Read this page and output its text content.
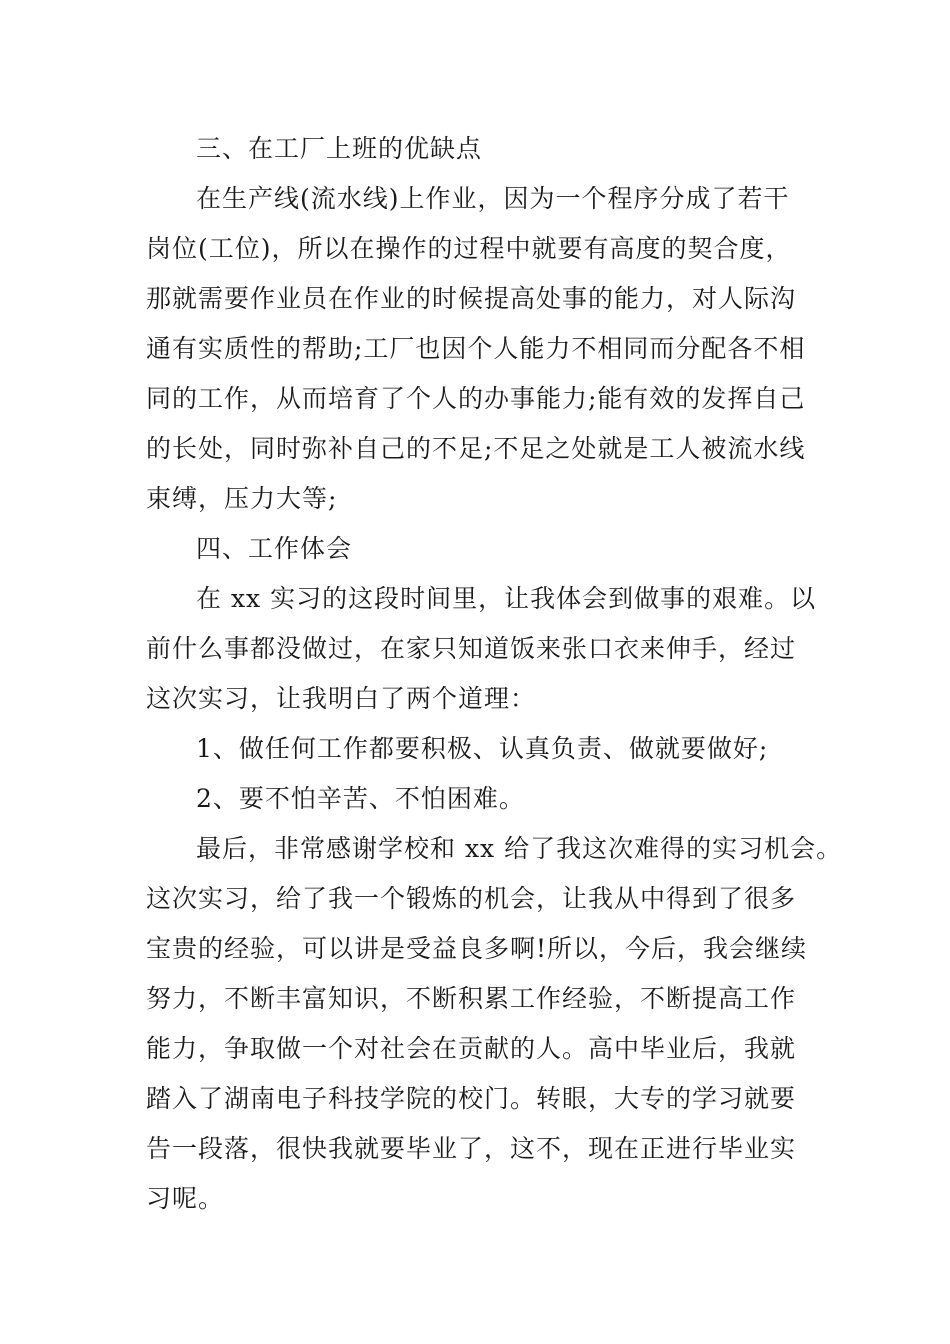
三、在工厂上班的优缺点
在生产线(流水线)上作业，因为一个程序分成了若干
岗位(工位)，所以在操作的过程中就要有高度的契合度，
那就需要作业员在作业的时候提高处事的能力，对人际沟
通有实质性的帮助;工厂也因个人能力不相同而分配各不相
同的工作，从而培育了个人的办事能力;能有效的发挥自己
的长处，同时弥补自己的不足;不足之处就是工人被流水线
束缚，压力大等;
四、工作体会
在 xx 实习的这段时间里，让我体会到做事的艰难。以
前什么事都没做过，在家只知道饭来张口衣来伸手，经过
这次实习，让我明白了两个道理：
1、做任何工作都要积极、认真负责、做就要做好;
2、要不怕辛苦、不怕困难。
最后，非常感谢学校和 xx 给了我这次难得的实习机会。
这次实习，给了我一个锻炼的机会，让我从中得到了很多
宝贵的经验，可以讲是受益良多啊!所以，今后，我会继续
努力，不断丰富知识，不断积累工作经验，不断提高工作
能力，争取做一个对社会在贡献的人。高中毕业后，我就
踏入了湖南电子科技学院的校门。转眼，大专的学习就要
告一段落，很快我就要毕业了，这不，现在正进行毕业实
习呢。
